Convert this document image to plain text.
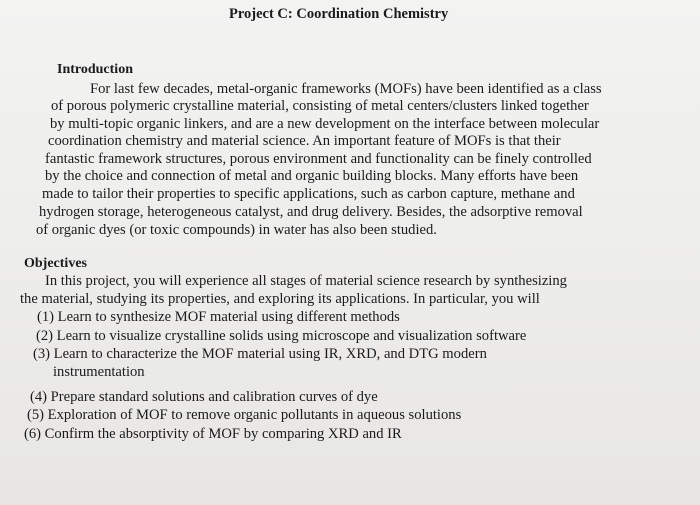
Project C: Coordination Chemistry
Introduction
For last few decades, metal-organic frameworks (MOFs) have been identified as a class
of porous polymeric crystalline material, consisting of metal centers/clusters linked together
by multi-topic organic linkers, and are a new development on the interface between molecular
coordination chemistry and material science. An important feature of MOFs is that their
fantastic framework structures, porous environment and functionality can be finely controlled
by the choice and connection of metal and organic building blocks. Many efforts have been
made to tailor their properties to specific applications, such as carbon capture, methane and
hydrogen storage, heterogeneous catalyst, and drug delivery. Besides, the adsorptive removal
of organic dyes (or toxic compounds) in water has also been studied.
Objectives
In this project, you will experience all stages of material science research by synthesizing
the material, studying its properties, and exploring its applications. In particular, you will
(1) Learn to synthesize MOF material using different methods
(2) Learn to visualize crystalline solids using microscope and visualization software
(3) Learn to characterize the MOF material using IR, XRD, and DTG modern
instrumentation
(4) Prepare standard solutions and calibration curves of dye
(5) Exploration of MOF to remove organic pollutants in aqueous solutions
(6) Confirm the absorptivity of MOF by comparing XRD and IR
